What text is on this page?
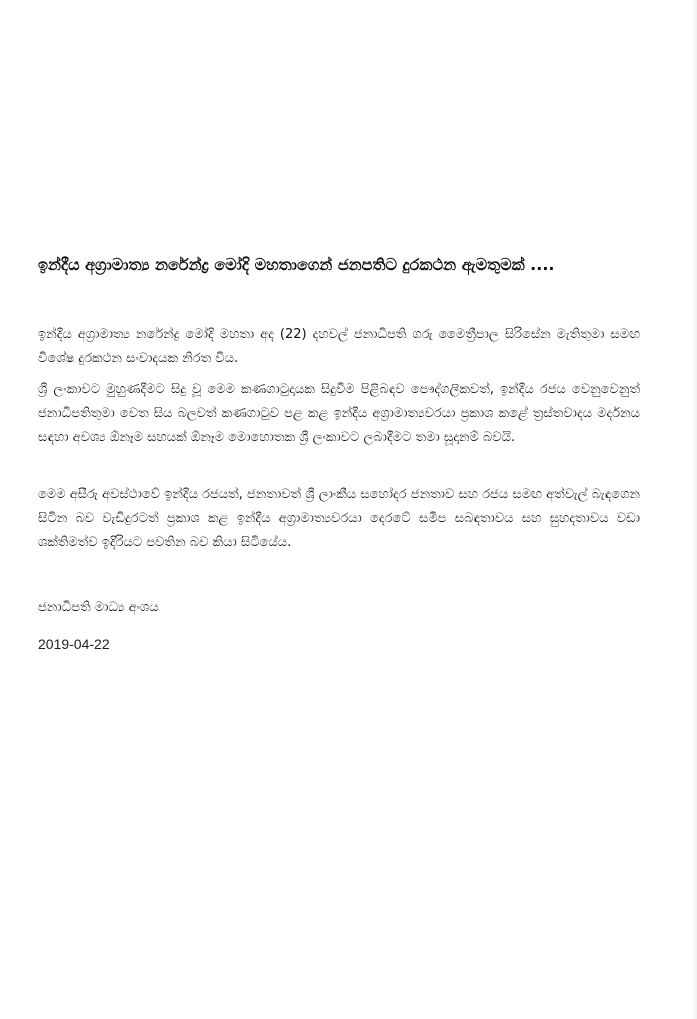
ඉන්දීය අග්‍රාමාත්‍ය නරේන්ද්‍ර මෝදි මහතාගෙන් ජනපතිට දුරකථන ඇමතුමක් ....
ඉන්දීය අග්‍රාමාත්‍ය නරේන්ද්‍ර මෝදි මහතා අද (22) දහවල් ජනාධිපති ගරු මෛත්‍රීපාල සිරිසේන මැතිතුමා සමඟ විශේෂ දුරකථන සංවාදයක නිරත විය.
ශ්‍රී ලංකාවට මුහුණදීමට සිදු වූ මෙම කණගාටුදායක සිදුවීම පිළිබඳව පෞද්ගලිකවත්, ඉන්දීය රජය වෙනුවෙනුත් ජනාධිපතිතුමා වෙත සිය බලවත් කණගාටුව පළ කළ ඉන්දීය අග්‍රාමාත්‍යවරයා ප්‍රකාශ කළේ ත්‍රස්තවාදය මර්දනය සඳහා අවශ්‍ය ඕනෑම සහයක් ඕනෑම මොහොතක ශ්‍රී ලංකාවට ලබාදීමට තමා සූදානම් බවයි.
මෙම අසීරු අවස්ථාවේ ඉන්දීය රජයත්, ජනතාවත් ශ්‍රී ලාංකීය සහෝදර ජනතාව සහ රජය සමඟ අත්වැල් බැඳගෙන සිටින බව වැඩිදුරටත් ප්‍රකාශ කළ ඉන්දීය අග්‍රාමාත්‍යවරයා දෙරටේ සමීප සබඳතාවය සහ සුහදතාවය වඩා ශක්තිමත්ව ඉදිරියට පවතින බව කියා සිටියේය.
ජනාධිපති මාධ්‍ය අංශය
2019-04-22
